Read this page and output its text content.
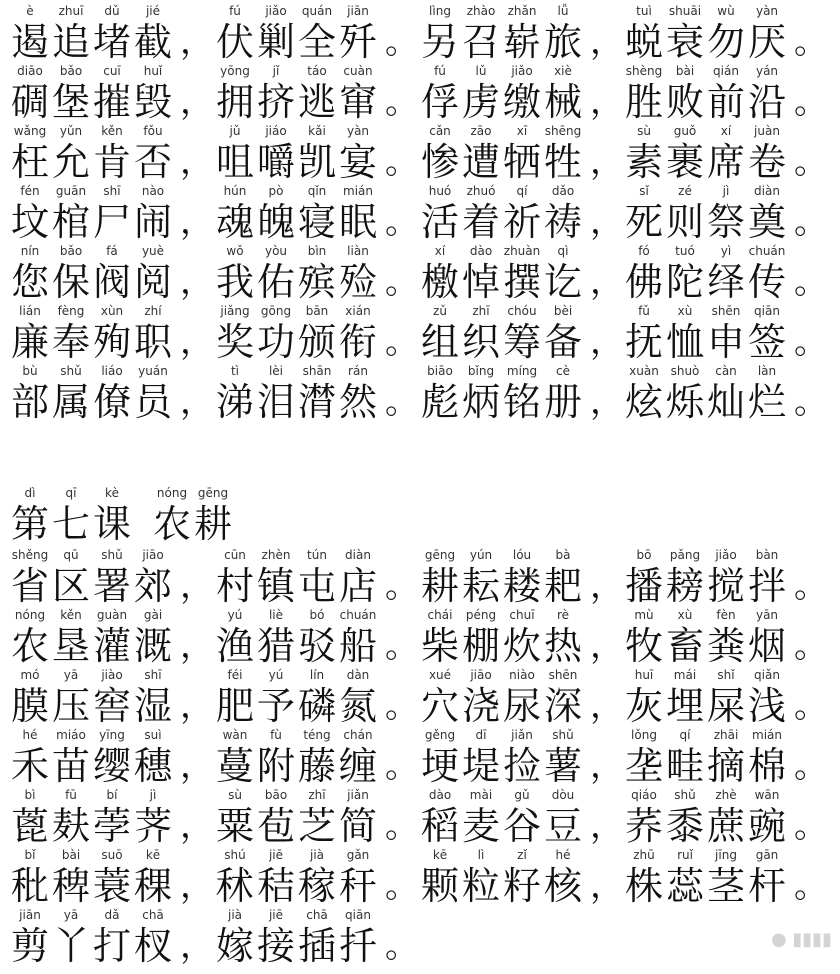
è
遏
zhuī
追
dǔ
堵
jié
截 ，
fú
伏
jiǎo
剿
quán
全
jiān
歼 。
lìng
另
zhào
召
zhǎn
崭
lǚ
旅 ，
tuì
蜕
shuāi
衰
wù
勿
yàn
厌 。
diāo
碉
bǎo
堡
cuī
摧
huǐ
毁 ，
yōng
拥
jǐ
挤
táo
逃
cuàn
窜 。
fú
俘
lǔ
虏
jiǎo
缴
xiè
械 ，
shèng
胜
bài
败
qián
前
yán
沿 。
wǎng
枉
yǔn
允
kěn
肯
fǒu
否 ，
jǔ
咀
jiáo
嚼
kǎi
凯
yàn
宴 。
cǎn
惨
zāo
遭
xī
牺
shēng
牲 ，
sù
素
guǒ
裹
xí
席
juàn
卷 。
fén
坟
guān
棺
shī
尸
nào
闹 ，
hún
魂
pò
魄
qǐn
寝
mián
眠 。
huó
活
zhuó
着
qí
祈
dǎo
祷 ，
sǐ
死
zé
则
jì
祭
diàn
奠 。
nín
您
bǎo
保
fá
阀
yuè
阅 ，
wǒ
我
yòu
佑
bìn
殡
liàn
殓 。
xí
檄
dào
悼
zhuàn
撰
qì
讫 ，
fó
佛
tuó
陀
yì
绎
chuán
传 。
lián
廉
fèng
奉
xùn
殉
zhí
职 ，
jiǎng
奖
gōng
功
bān
颁
xián
衔 。
zǔ
组
zhī
织
chóu
筹
bèi
备 ，
fǔ
抚
xù
恤
shēn
申
qiān
签 。
bù
部
shǔ
属
liáo
僚
yuán
员 ，
tì
涕
lèi
泪
shān
潸
rán
然 。
biāo
彪
bǐng
炳
míng
铭
cè
册 ，
xuàn
炫
shuò
烁
càn
灿
làn
烂 。
dì
第
qī
七
kè
课
nóng
农
gēng
耕
shěng
省
qū
区
shǔ
署
jiāo
郊 ，
cūn
村
zhèn
镇
tún
屯
diàn
店 。
gēng
耕
yún
耘
lóu
耧
bà
耙 ，
bō
播
pǎng
耪
jiǎo
搅
bàn
拌 。
nóng
农
kěn
垦
guàn
灌
gài
溉 ，
yú
渔
liè
猎
bó
驳
chuán
船 。
chái
柴
péng
棚
chuī
炊
rè
热 ，
mù
牧
xù
畜
fèn
粪
yān
烟 。
mó
膜
yā
压
jiào
窖
shī
湿 ，
féi
肥
yú
予
lín
磷
dàn
氮 。
xué
穴
jiāo
浇
niào
尿
shēn
深 ，
huī
灰
mái
埋
shǐ
屎
qiǎn
浅 。
hé
禾
miáo
苗
yīng
缨
suì
穗 ，
wàn
蔓
fù
附
téng
藤
chán
缠 。
gěng
埂
dī
堤
jiǎn
捡
shǔ
薯 ，
lǒng
垄
qí
畦
zhāi
摘
mián
棉 。
bì
蓖
fū
麸
bí
荸
jì
荠 ，
sù
粟
bāo
苞
zhī
芝
jiǎn
简 。
dào
稻
mài
麦
gǔ
谷
dòu
豆 ，
qiáo
荞
shǔ
黍
zhè
蔗
wān
豌 。
bǐ
秕
bài
稗
suō
蓑
kē
稞 ，
shú
秫
jiē
秸
jià
稼
gǎn
秆 。
kē
颗
lì
粒
zǐ
籽
hé
核 ，
zhū
株
ruǐ
蕊
jīng
茎
gān
杆 。
jiān
剪
yā
丫
dǎ
打
chā
杈 ，
jià
嫁
jiē
接
chā
插
qiān
扦 。	● ▮▮▮▮
